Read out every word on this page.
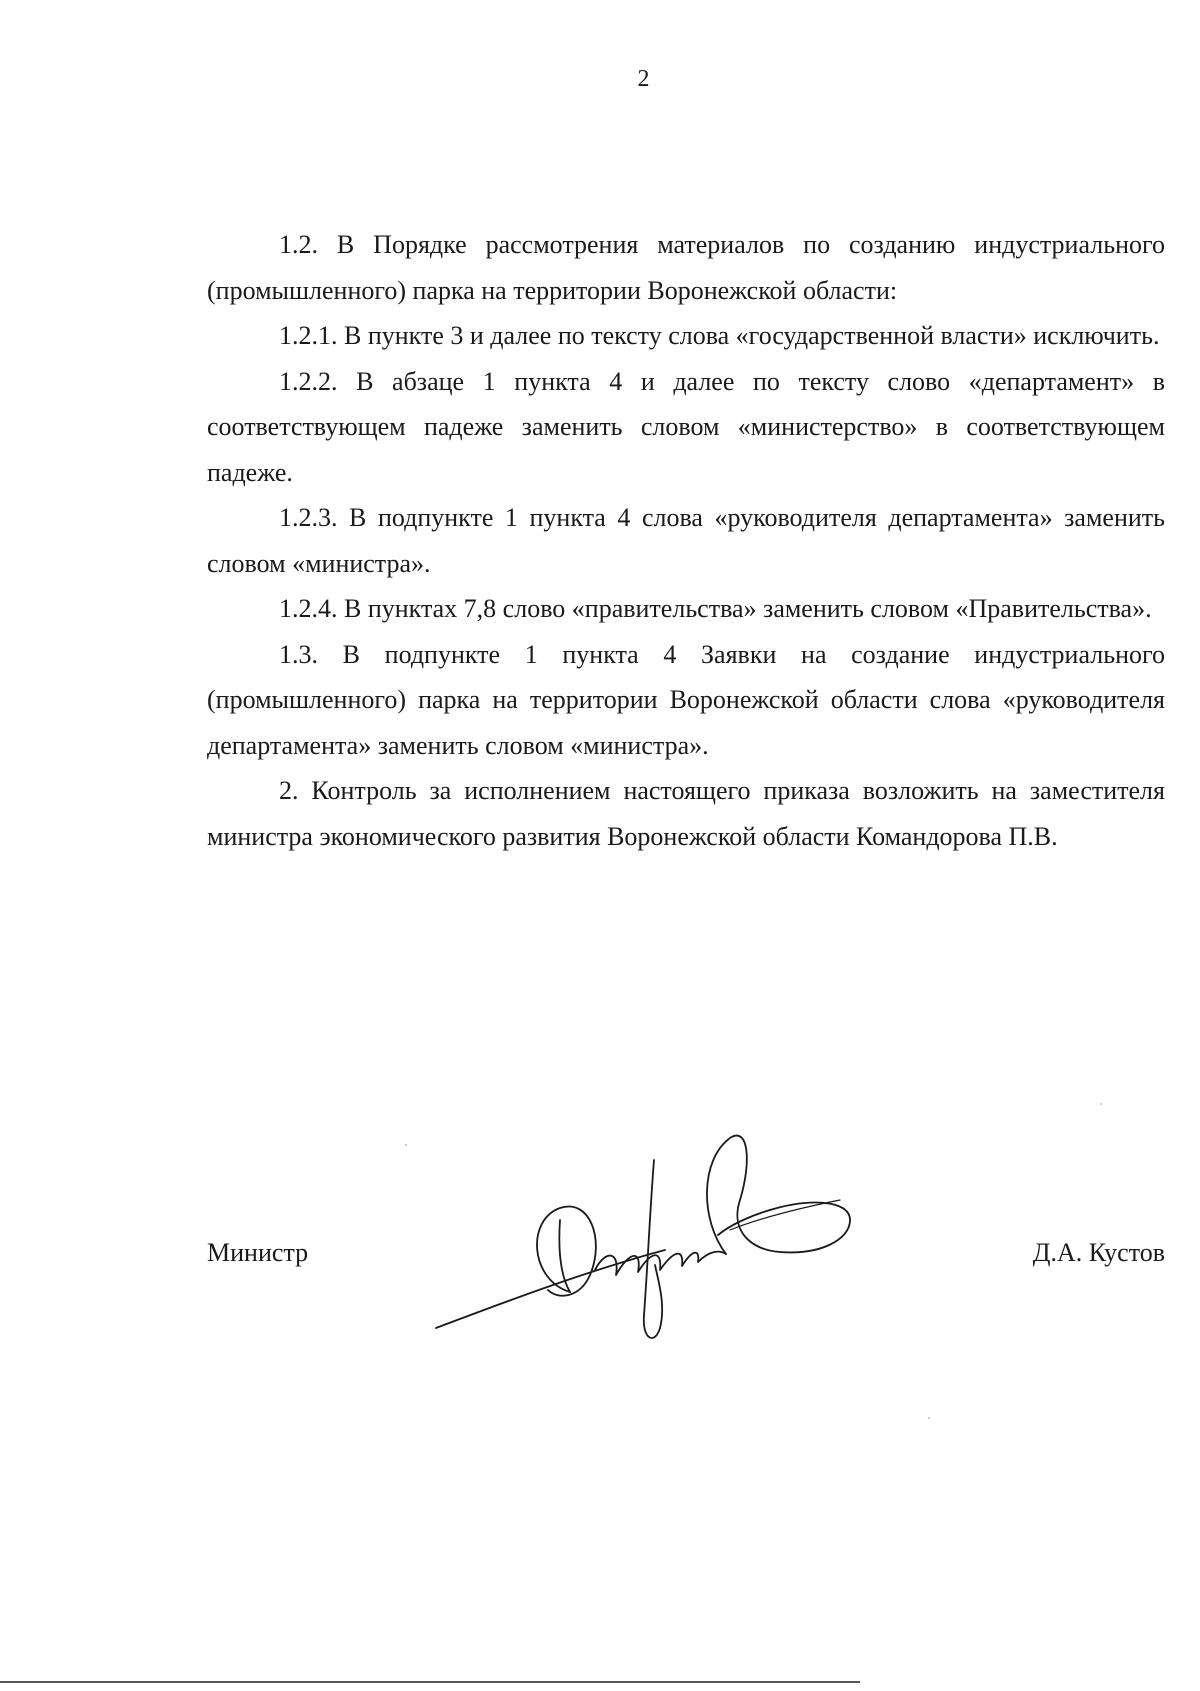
2

1.2. В Порядке рассмотрения материалов по созданию индустриального (промышленного) парка на территории Воронежской области:

1.2.1. В пункте 3 и далее по тексту слова «государственной власти» исключить.

1.2.2. В абзаце 1 пункта 4 и далее по тексту слово «департамент» в соответствующем падеже заменить словом «министерство» в соответствующем падеже.

1.2.3. В подпункте 1 пункта 4 слова «руководителя департамента» заменить словом «министра».

1.2.4. В пунктах 7,8 слово «правительства» заменить словом «Правительства».

1.3. В подпункте 1 пункта 4 Заявки на создание индустриального (промышленного) парка на территории Воронежской области слова «руководителя департамента» заменить словом «министра».

2. Контроль за исполнением настоящего приказа возложить на заместителя министра экономического развития Воронежской области Командорова П.В.

Министр	Д.А. Кустов
